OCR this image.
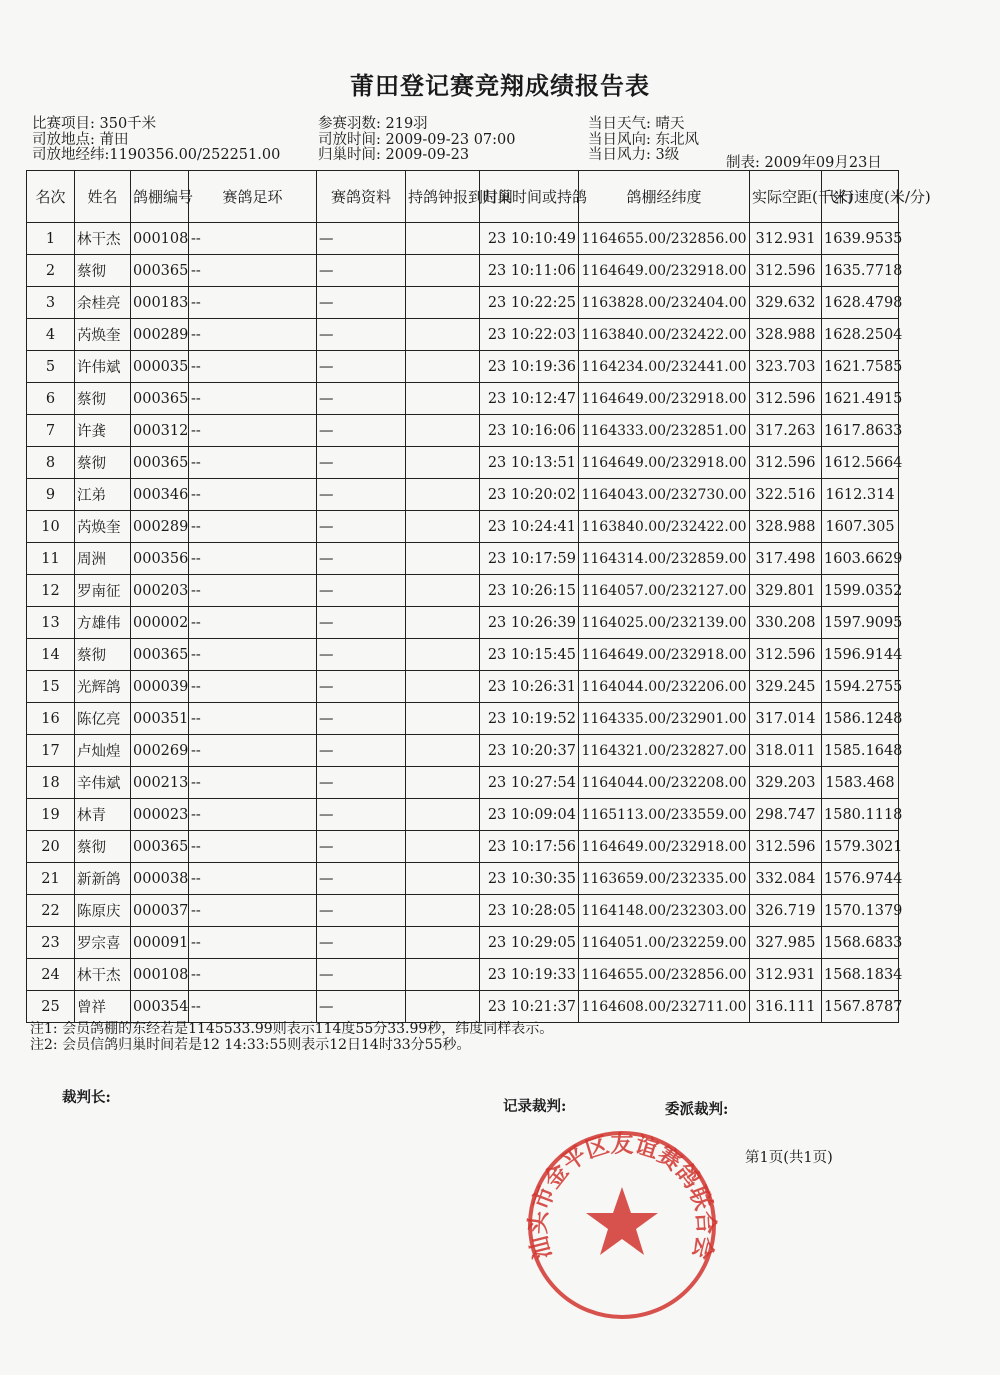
莆田登记赛竞翔成绩报告表
比赛项目: 350千米
司放地点: 莆田
司放地经纬:1190356.00/252251.00
参赛羽数: 219羽
司放时间: 2009-09-23 07:00
归巢时间: 2009-09-23
当日天气: 晴天
当日风向: 东北风
当日风力: 3级	制表: 2009年09月23日
名次	姓名	鸽棚编号	赛鸽足环	赛鸽资料	持鸽钟报到时间	归巢时间或持鸽	鸽棚经纬度	实际空距(千米)	飞行速度(米/分)
1	林干杰	000108	--	—		23 10:10:49	1164655.00/232856.00	312.931	1639.9535
2	蔡彻	000365	--	—		23 10:11:06	1164649.00/232918.00	312.596	1635.7718
3	余桂亮	000183	--	—		23 10:22:25	1163828.00/232404.00	329.632	1628.4798
4	芮焕奎	000289	--	—		23 10:22:03	1163840.00/232422.00	328.988	1628.2504
5	许伟斌	000035	--	—		23 10:19:36	1164234.00/232441.00	323.703	1621.7585
6	蔡彻	000365	--	—		23 10:12:47	1164649.00/232918.00	312.596	1621.4915
7	许龚	000312	--	—		23 10:16:06	1164333.00/232851.00	317.263	1617.8633
8	蔡彻	000365	--	—		23 10:13:51	1164649.00/232918.00	312.596	1612.5664
9	江弟	000346	--	—		23 10:20:02	1164043.00/232730.00	322.516	1612.314
10	芮焕奎	000289	--	—		23 10:24:41	1163840.00/232422.00	328.988	1607.305
11	周洲	000356	--	—		23 10:17:59	1164314.00/232859.00	317.498	1603.6629
12	罗南征	000203	--	—		23 10:26:15	1164057.00/232127.00	329.801	1599.0352
13	方雄伟	000002	--	—		23 10:26:39	1164025.00/232139.00	330.208	1597.9095
14	蔡彻	000365	--	—		23 10:15:45	1164649.00/232918.00	312.596	1596.9144
15	光辉鸽	000039	--	—		23 10:26:31	1164044.00/232206.00	329.245	1594.2755
16	陈亿亮	000351	--	—		23 10:19:52	1164335.00/232901.00	317.014	1586.1248
17	卢灿煌	000269	--	—		23 10:20:37	1164321.00/232827.00	318.011	1585.1648
18	辛伟斌	000213	--	—		23 10:27:54	1164044.00/232208.00	329.203	1583.468
19	林青	000023	--	—		23 10:09:04	1165113.00/233559.00	298.747	1580.1118
20	蔡彻	000365	--	—		23 10:17:56	1164649.00/232918.00	312.596	1579.3021
21	新新鸽	000038	--	—		23 10:30:35	1163659.00/232335.00	332.084	1576.9744
22	陈原庆	000037	--	—		23 10:28:05	1164148.00/232303.00	326.719	1570.1379
23	罗宗喜	000091	--	—		23 10:29:05	1164051.00/232259.00	327.985	1568.6833
24	林干杰	000108	--	—		23 10:19:33	1164655.00/232856.00	312.931	1568.1834
25	曾祥	000354	--	—		23 10:21:37	1164608.00/232711.00	316.111	1567.8787
注1: 会员鸽棚的东经若是1145533.99则表示114度55分33.99秒，纬度同样表示。
注2: 会员信鸽归巢时间若是12 14:33:55则表示12日14时33分55秒。
裁判长:
记录裁判:	委派裁判:
第1页(共1页)
汕头市金平区友谊赛鸽联合会
